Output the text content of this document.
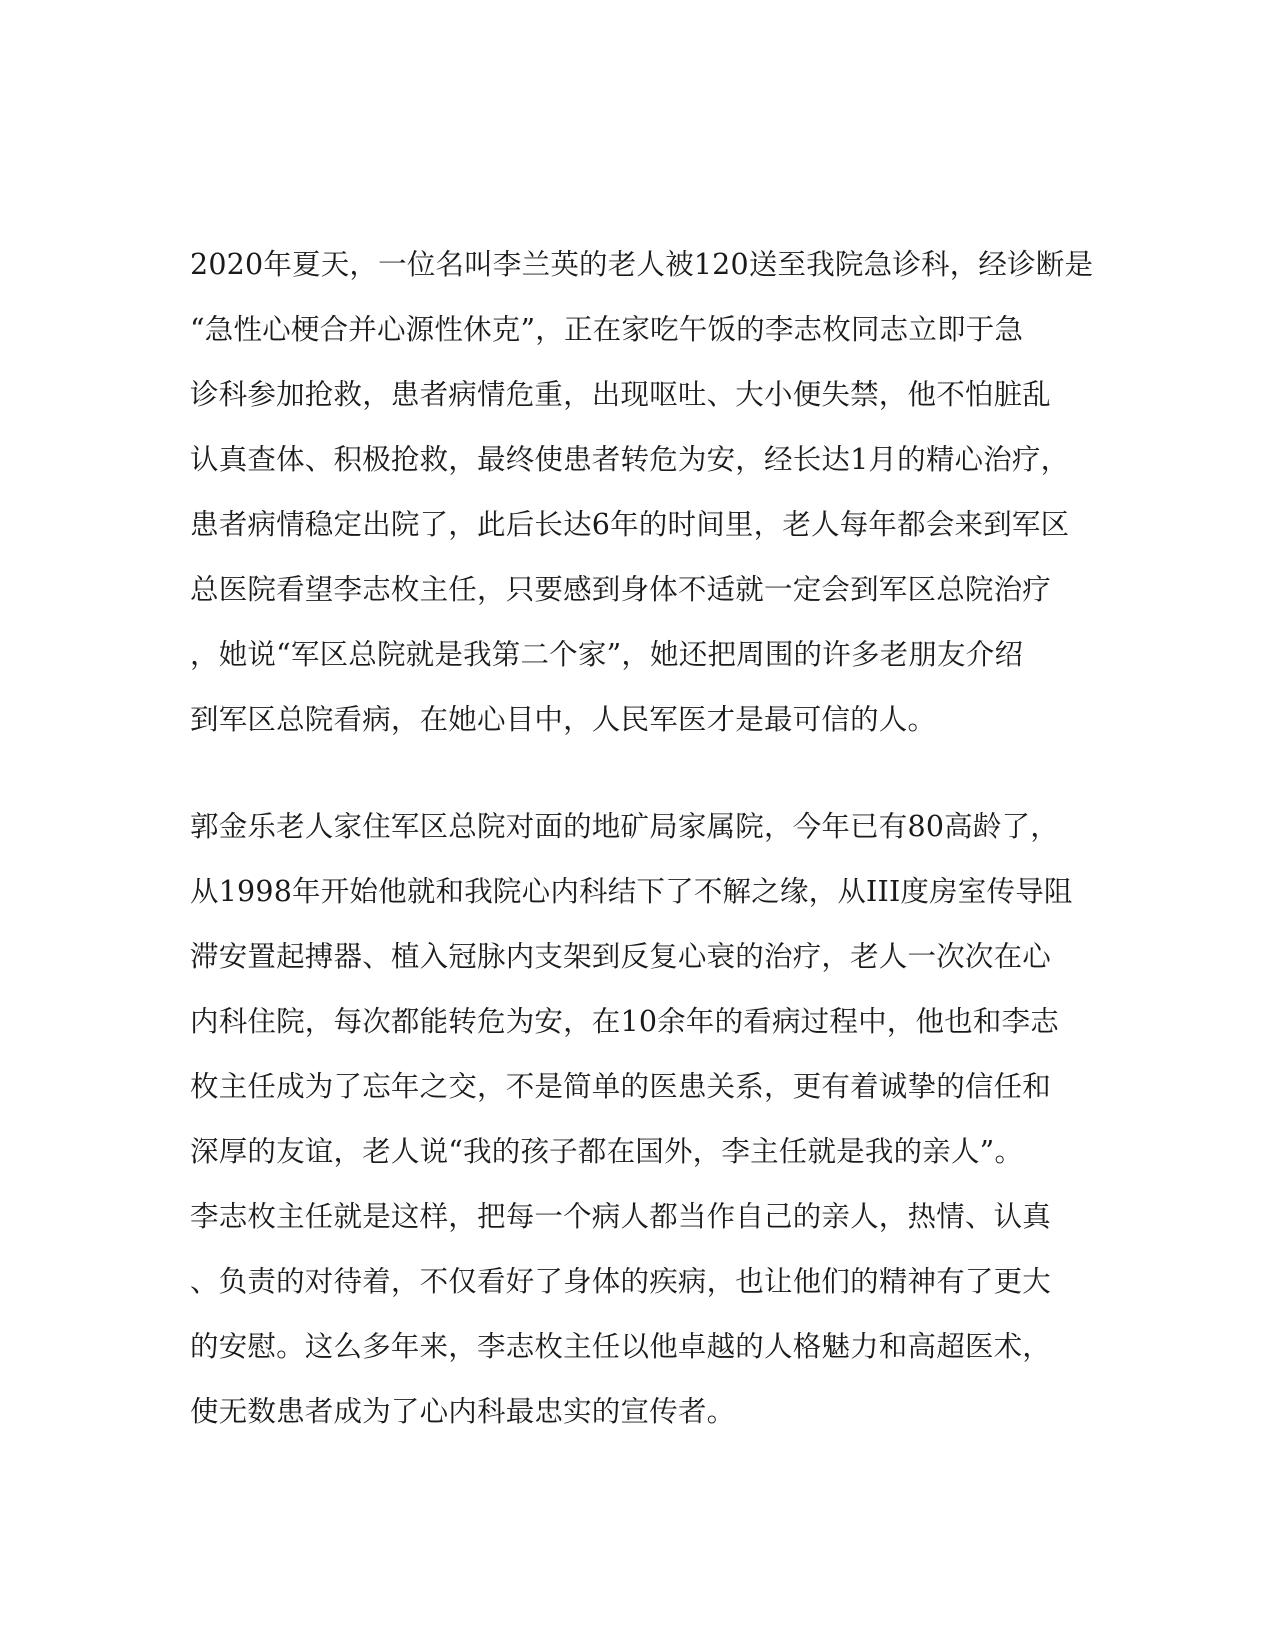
2020年夏天，一位名叫李兰英的老人被120送至我院急诊科，经诊断是
“急性心梗合并心源性休克”，正在家吃午饭的李志枚同志立即于急
诊科参加抢救，患者病情危重，出现呕吐、大小便失禁，他不怕脏乱
认真查体、积极抢救，最终使患者转危为安，经长达1月的精心治疗，
患者病情稳定出院了，此后长达6年的时间里，老人每年都会来到军区
总医院看望李志枚主任，只要感到身体不适就一定会到军区总院治疗
，她说“军区总院就是我第二个家”，她还把周围的许多老朋友介绍
到军区总院看病，在她心目中，人民军医才是最可信的人。
郭金乐老人家住军区总院对面的地矿局家属院，今年已有80高龄了，
从1998年开始他就和我院心内科结下了不解之缘，从III度房室传导阻
滞安置起搏器、植入冠脉内支架到反复心衰的治疗，老人一次次在心
内科住院，每次都能转危为安，在10余年的看病过程中，他也和李志
枚主任成为了忘年之交，不是简单的医患关系，更有着诚挚的信任和
深厚的友谊，老人说“我的孩子都在国外，李主任就是我的亲人”。
李志枚主任就是这样，把每一个病人都当作自己的亲人，热情、认真
、负责的对待着，不仅看好了身体的疾病，也让他们的精神有了更大
的安慰。这么多年来，李志枚主任以他卓越的人格魅力和高超医术，
使无数患者成为了心内科最忠实的宣传者。
